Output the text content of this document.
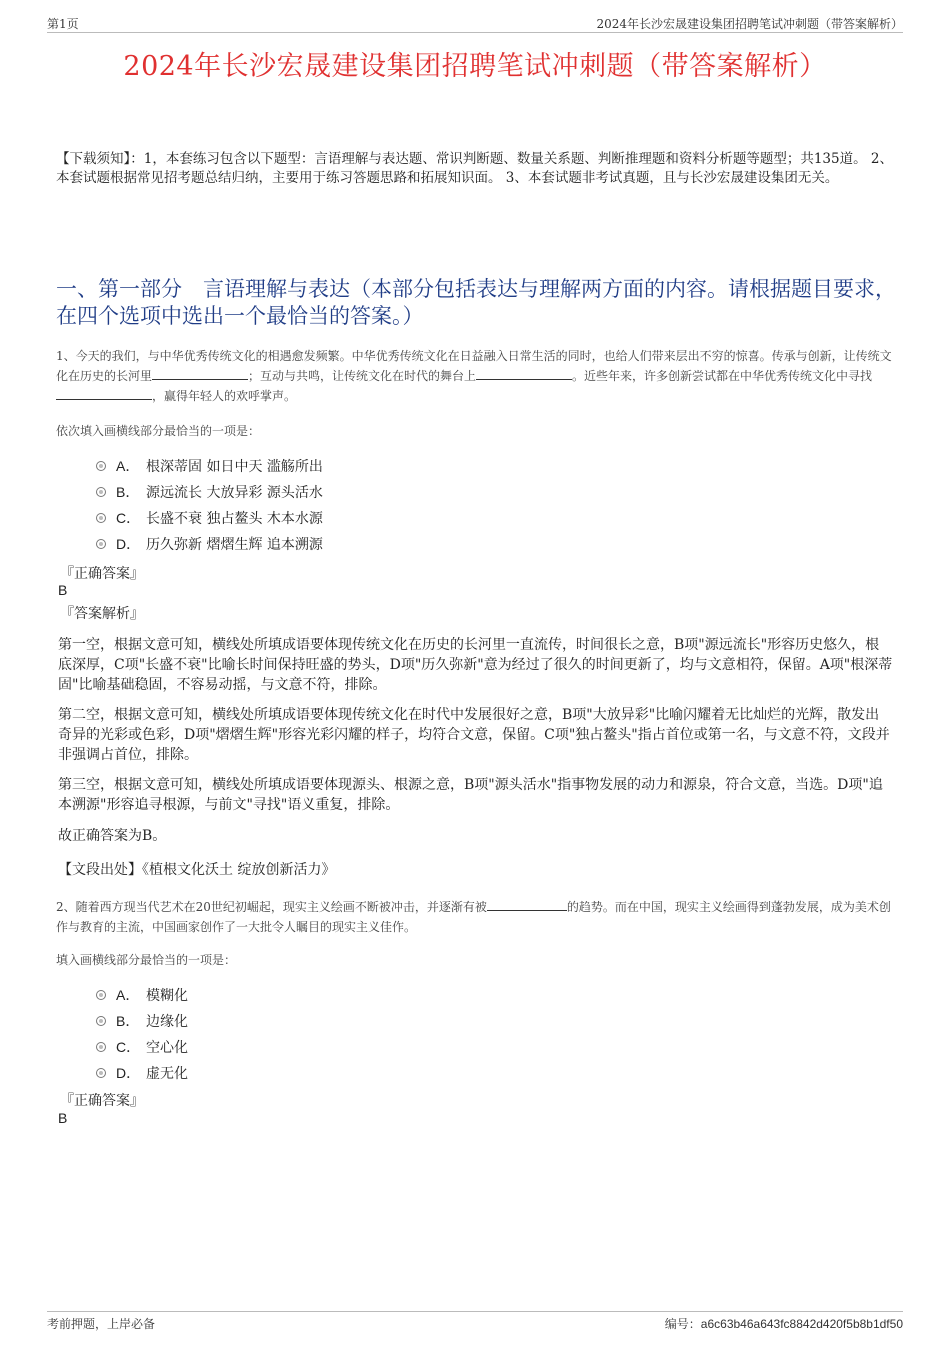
第1页	2024年长沙宏晟建设集团招聘笔试冲刺题（带答案解析）
2024年长沙宏晟建设集团招聘笔试冲刺题（带答案解析）
【下载须知】：1，本套练习包含以下题型：言语理解与表达题、常识判断题、数量关系题、判断推理题和资料分析题等题型；共135道。 2、本套试题根据常见招考题总结归纳，主要用于练习答题思路和拓展知识面。 3、本套试题非考试真题，且与长沙宏晟建设集团无关。
一、第一部分　言语理解与表达（本部分包括表达与理解两方面的内容。请根据题目要求，在四个选项中选出一个最恰当的答案。）
1、今天的我们，与中华优秀传统文化的相遇愈发频繁。中华优秀传统文化在日益融入日常生活的同时，也给人们带来层出不穷的惊喜。传承与创新，让传统文化在历史的长河里	；互动与共鸣，让传统文化在时代的舞台上	。近些年来，许多创新尝试都在中华优秀传统文化中寻找，赢得年轻人的欢呼掌声。
依次填入画横线部分最恰当的一项是：
A． 根深蒂固 如日中天 滥觞所出
B． 源远流长 大放异彩 源头活水
C． 长盛不衰 独占鳌头 木本水源
D． 历久弥新 熠熠生辉 追本溯源
『正确答案』
B
『答案解析』
第一空，根据文意可知，横线处所填成语要体现传统文化在历史的长河里一直流传，时间很长之意，B项"源远流长"形容历史悠久，根底深厚，C项"长盛不衰"比喻长时间保持旺盛的势头，D项"历久弥新"意为经过了很久的时间更新了，均与文意相符，保留。A项"根深蒂固"比喻基础稳固，不容易动摇，与文意不符，排除。
第二空，根据文意可知，横线处所填成语要体现传统文化在时代中发展很好之意，B项"大放异彩"比喻闪耀着无比灿烂的光辉，散发出奇异的光彩或色彩，D项"熠熠生辉"形容光彩闪耀的样子，均符合文意，保留。C项"独占鳌头"指占首位或第一名，与文意不符，文段并非强调占首位，排除。
第三空，根据文意可知，横线处所填成语要体现源头、根源之意，B项"源头活水"指事物发展的动力和源泉，符合文意，当选。D项"追本溯源"形容追寻根源，与前文"寻找"语义重复，排除。
故正确答案为B。
【文段出处】《植根文化沃土 绽放创新活力》
2、随着西方现当代艺术在20世纪初崛起，现实主义绘画不断被冲击，并逐渐有被	的趋势。而在中国，现实主义绘画得到蓬勃发展，成为美术创作与教育的主流，中国画家创作了一大批令人瞩目的现实主义佳作。
填入画横线部分最恰当的一项是：
A． 模糊化
B． 边缘化
C． 空心化
D． 虚无化
『正确答案』
B
考前押题，上岸必备	编号：a6c63b46a643fc8842d420f5b8b1df50
